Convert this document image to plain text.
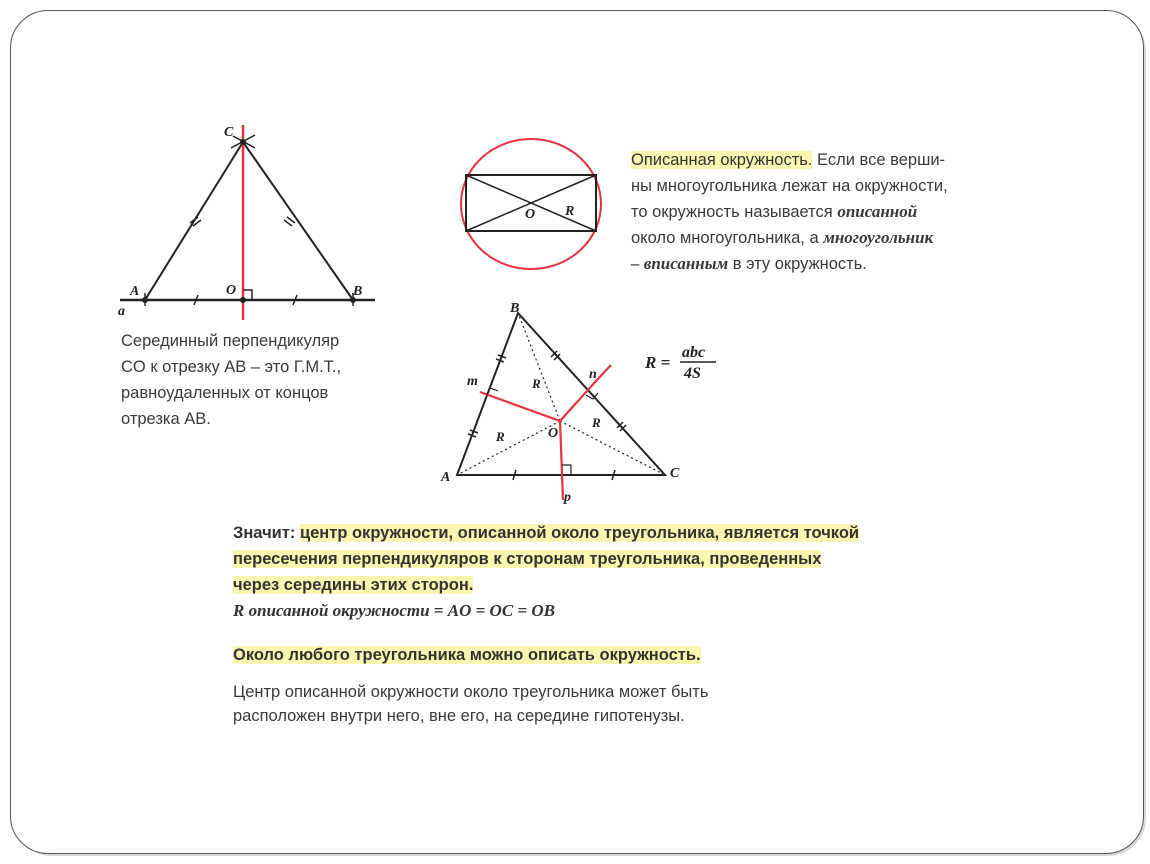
C
A	O	B
a
Серединный перпендикуляр
CO к отрезку AB – это Г.М.Т.,
равноудаленных от концов
отрезка AB.
O R
Описанная окружность. Если все верши-
ны многоугольника лежат на окружности,
то окружность называется описанной
около многоугольника, а многоугольник
– вписанным в эту окружность.
B
A	C
O
m	n
p
R
R
R
R =
abc
4S
Значит: центр окружности, описанной около треугольника, является точкой
пересечения перпендикуляров к сторонам треугольника, проведенных
через середины этих сторон.
R описанной окружности = AO = OC = OB
Около любого треугольника можно описать окружность.
Центр описанной окружности около треугольника может быть
расположен внутри него, вне его, на середине гипотенузы.
